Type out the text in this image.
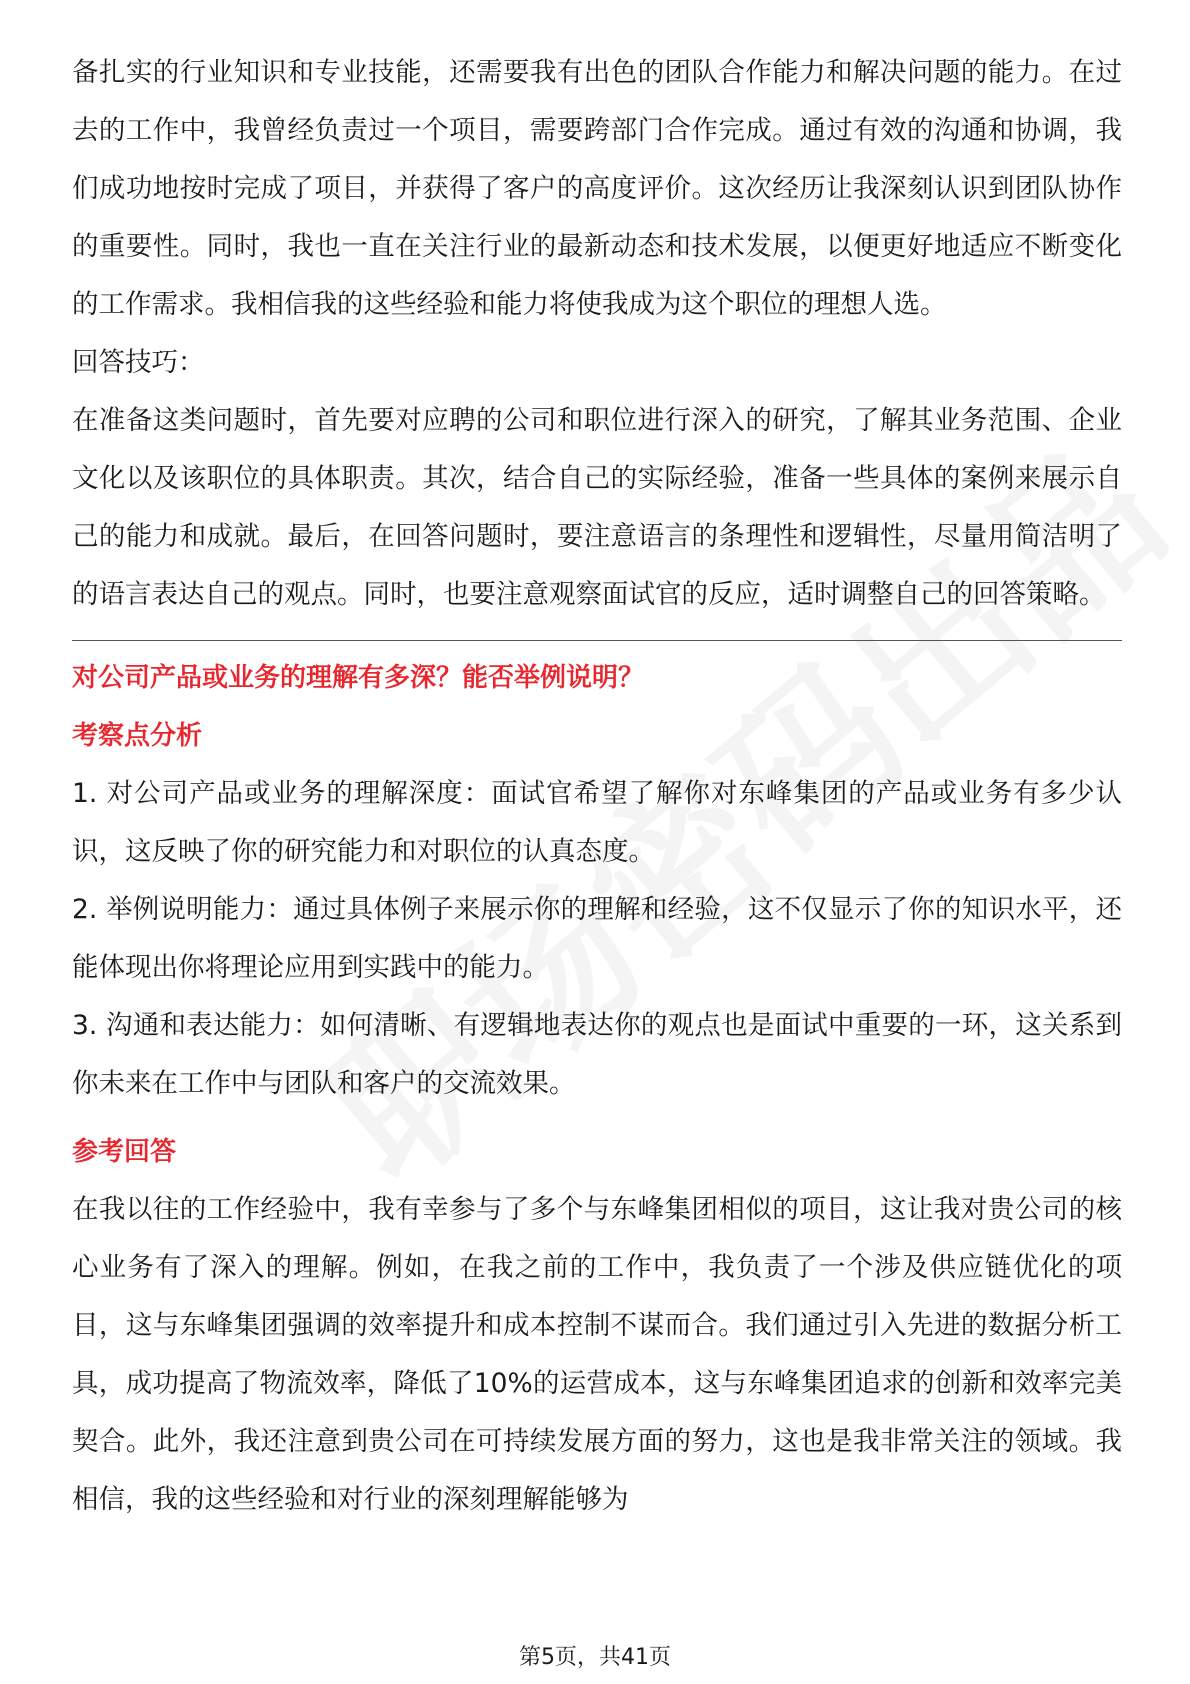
备扎实的行业知识和专业技能，还需要我有出色的团队合作能力和解决问题的能力。在过去的工作中，我曾经负责过一个项目，需要跨部门合作完成。通过有效的沟通和协调，我们成功地按时完成了项目，并获得了客户的高度评价。这次经历让我深刻认识到团队协作的重要性。同时，我也一直在关注行业的最新动态和技术发展，以便更好地适应不断变化的工作需求。我相信我的这些经验和能力将使我成为这个职位的理想人选。

回答技巧：

在准备这类问题时，首先要对应聘的公司和职位进行深入的研究，了解其业务范围、企业文化以及该职位的具体职责。其次，结合自己的实际经验，准备一些具体的案例来展示自己的能力和成就。最后，在回答问题时，要注意语言的条理性和逻辑性，尽量用简洁明了的语言表达自己的观点。同时，也要注意观察面试官的反应，适时调整自己的回答策略。

对公司产品或业务的理解有多深？能否举例说明？

考察点分析

1. 对公司产品或业务的理解深度：面试官希望了解你对东峰集团的产品或业务有多少认识，这反映了你的研究能力和对职位的认真态度。

2. 举例说明能力：通过具体例子来展示你的理解和经验，这不仅显示了你的知识水平，还能体现出你将理论应用到实践中的能力。

3. 沟通和表达能力：如何清晰、有逻辑地表达你的观点也是面试中重要的一环，这关系到你未来在工作中与团队和客户的交流效果。

参考回答

在我以往的工作经验中，我有幸参与了多个与东峰集团相似的项目，这让我对贵公司的核心业务有了深入的理解。例如，在我之前的工作中，我负责了一个涉及供应链优化的项目，这与东峰集团强调的效率提升和成本控制不谋而合。我们通过引入先进的数据分析工具，成功提高了物流效率，降低了10%的运营成本，这与东峰集团追求的创新和效率完美契合。此外，我还注意到贵公司在可持续发展方面的努力，这也是我非常关注的领域。我相信，我的这些经验和对行业的深刻理解能够为

第5页，共41页
